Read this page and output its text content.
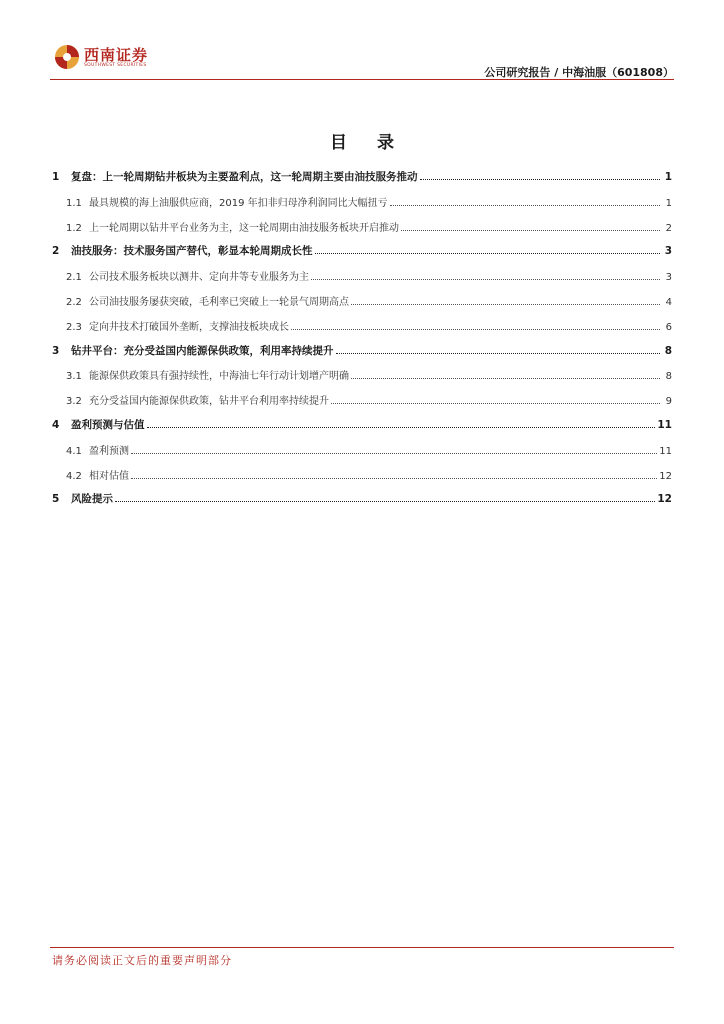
西南证券
SOUTHWEST SECURITIES
公司研究报告 / 中海油服（601808）
目 录
1	复盘：上一轮周期钻井板块为主要盈利点，这一轮周期主要由油技服务推动	1
1.1 最具规模的海上油服供应商，2019 年扣非归母净利润同比大幅扭亏	1
1.2 上一轮周期以钻井平台业务为主，这一轮周期由油技服务板块开启推动	2
2	油技服务：技术服务国产替代，彰显本轮周期成长性	3
2.1 公司技术服务板块以测井、定向井等专业服务为主	3
2.2 公司油技服务屡获突破，毛利率已突破上一轮景气周期高点	4
2.3 定向井技术打破国外垄断，支撑油技板块成长	6
3	钻井平台：充分受益国内能源保供政策，利用率持续提升	8
3.1 能源保供政策具有强持续性，中海油七年行动计划增产明确	8
3.2 充分受益国内能源保供政策，钻井平台利用率持续提升	9
4	盈利预测与估值	11
4.1 盈利预测	11
4.2 相对估值	12
5	风险提示	12
请务必阅读正文后的重要声明部分
